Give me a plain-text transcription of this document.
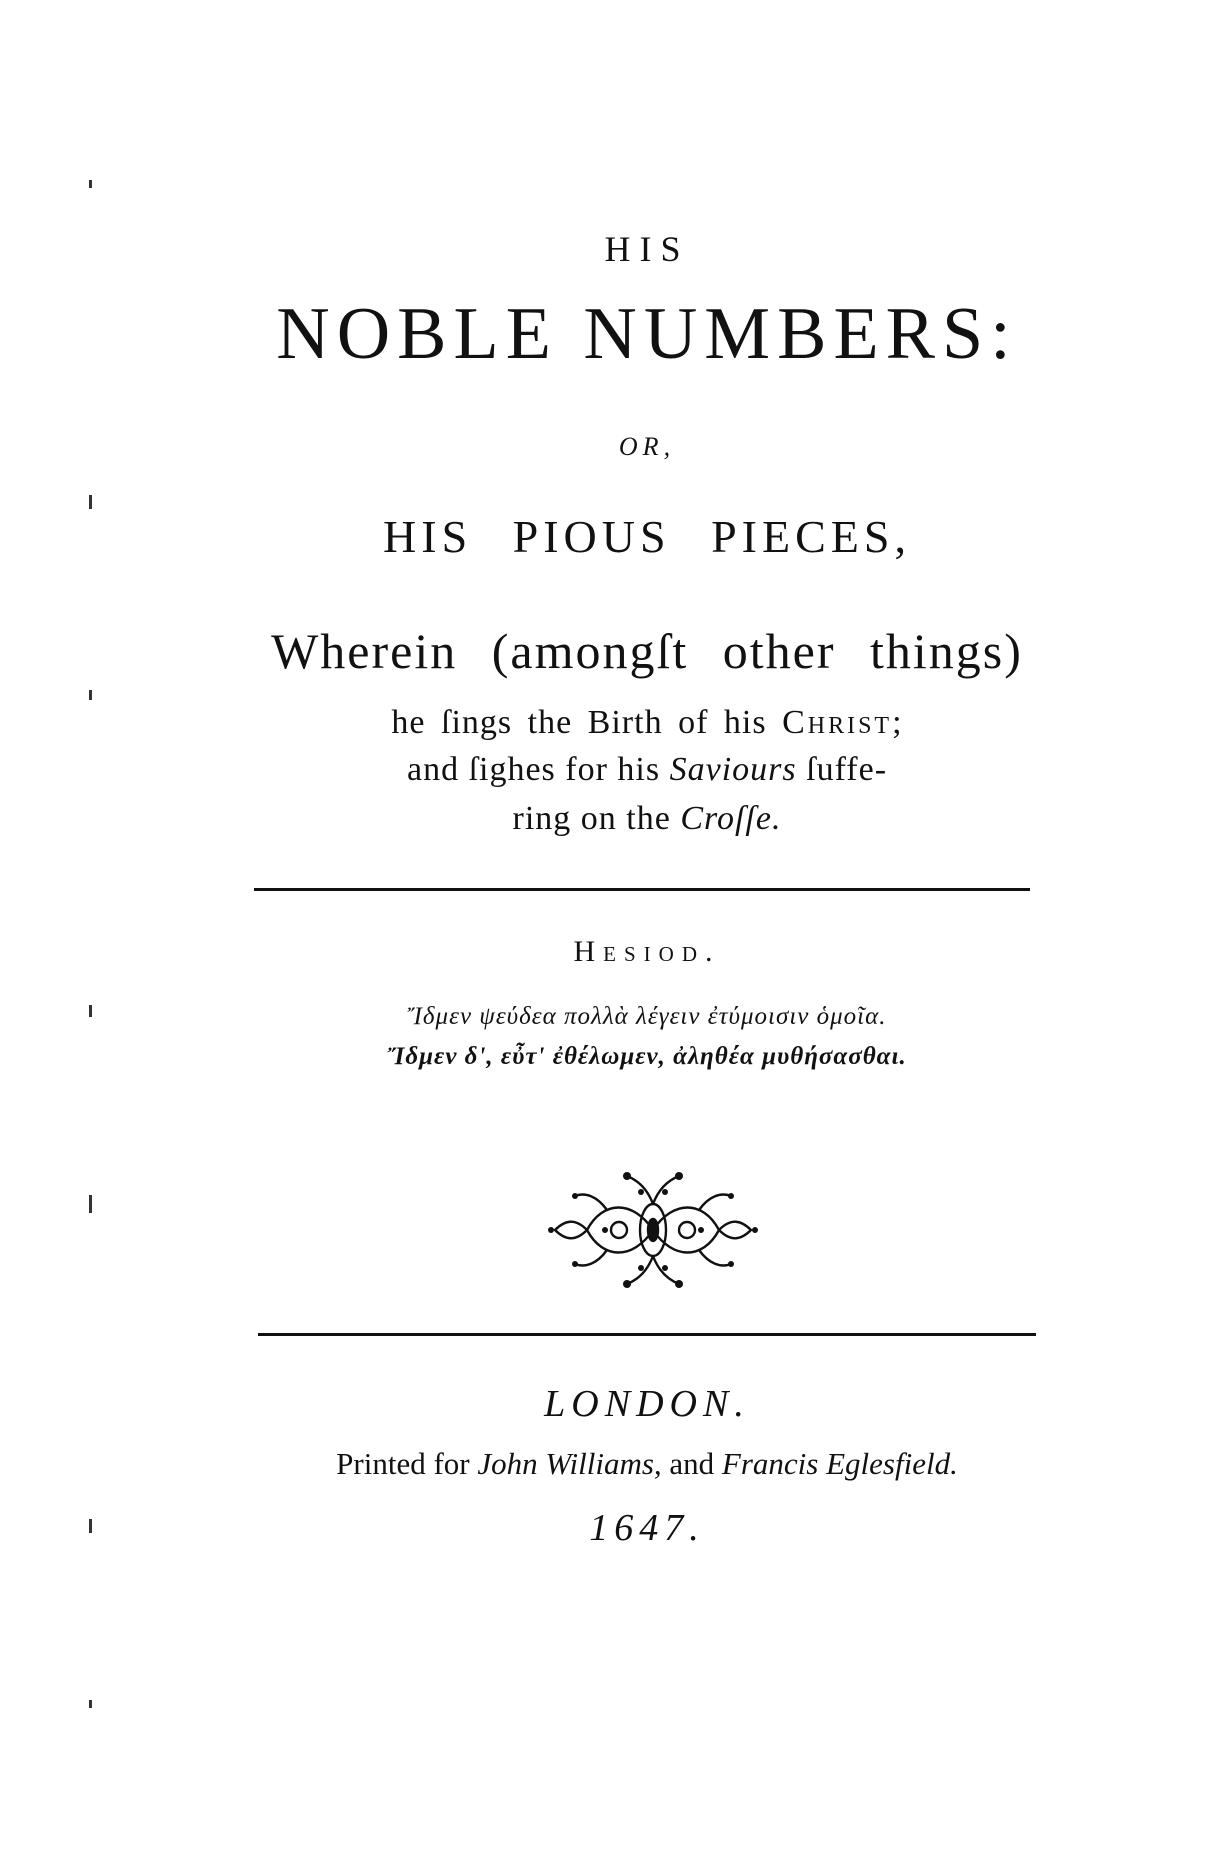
HIS
NOBLE NUMBERS:
OR,
HIS PIOUS PIECES,
Wherein (amongſt other things)
he ſings the Birth of his Christ;
and ſighes for his Saviours ſuffe-
ring on the Croſſe.
Hesiod.
Ἴδμεν ψεύδεα πολλὰ λέγειν ἐτύμοισιν ὁμοῖα.
Ἴδμεν δ', εὖτ' ἐθέλωμεν, ἀληθέα μυθήσασθαι.
LONDON.
Printed for John Williams, and Francis Eglesfield.
1647.
